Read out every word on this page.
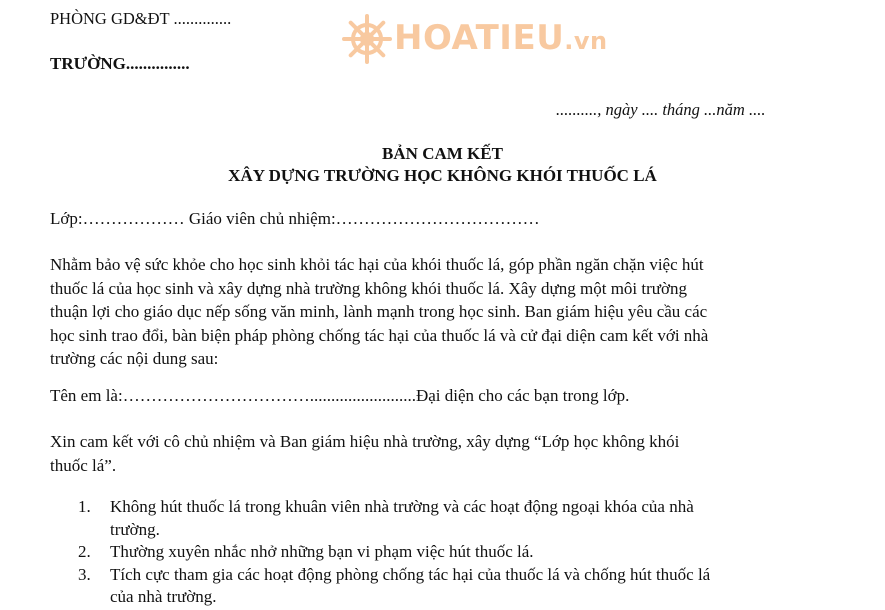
HOATIEU.vn
PHÒNG GD&ĐT ..............
TRƯỜNG...............
.........., ngày .... tháng ...năm ....
BẢN CAM KẾT
XÂY DỰNG TRƯỜNG HỌC KHÔNG KHÓI THUỐC LÁ
Lớp:……………… Giáo viên chủ nhiệm:………………………………
Nhằm bảo vệ sức khỏe cho học sinh khỏi tác hại của khói thuốc lá, góp phần ngăn chặn việc hút
thuốc lá của học sinh và xây dựng nhà trường không khói thuốc lá. Xây dựng một môi trường
thuận lợi cho giáo dục nếp sống văn minh, lành mạnh trong học sinh. Ban giám hiệu yêu cầu các
học sinh trao đổi, bàn biện pháp phòng chống tác hại của thuốc lá và cử đại diện cam kết với nhà
trường các nội dung sau:
Tên em là:…………………………….........................Đại diện cho các bạn trong lớp.
Xin cam kết với cô chủ nhiệm và Ban giám hiệu nhà trường, xây dựng “Lớp học không khói
thuốc lá”.
1. Không hút thuốc lá trong khuân viên nhà trường và các hoạt động ngoại khóa của nhà
trường.
2. Thường xuyên nhắc nhở những bạn vi phạm việc hút thuốc lá.
3. Tích cực tham gia các hoạt động phòng chống tác hại của thuốc lá và chống hút thuốc lá
của nhà trường.
